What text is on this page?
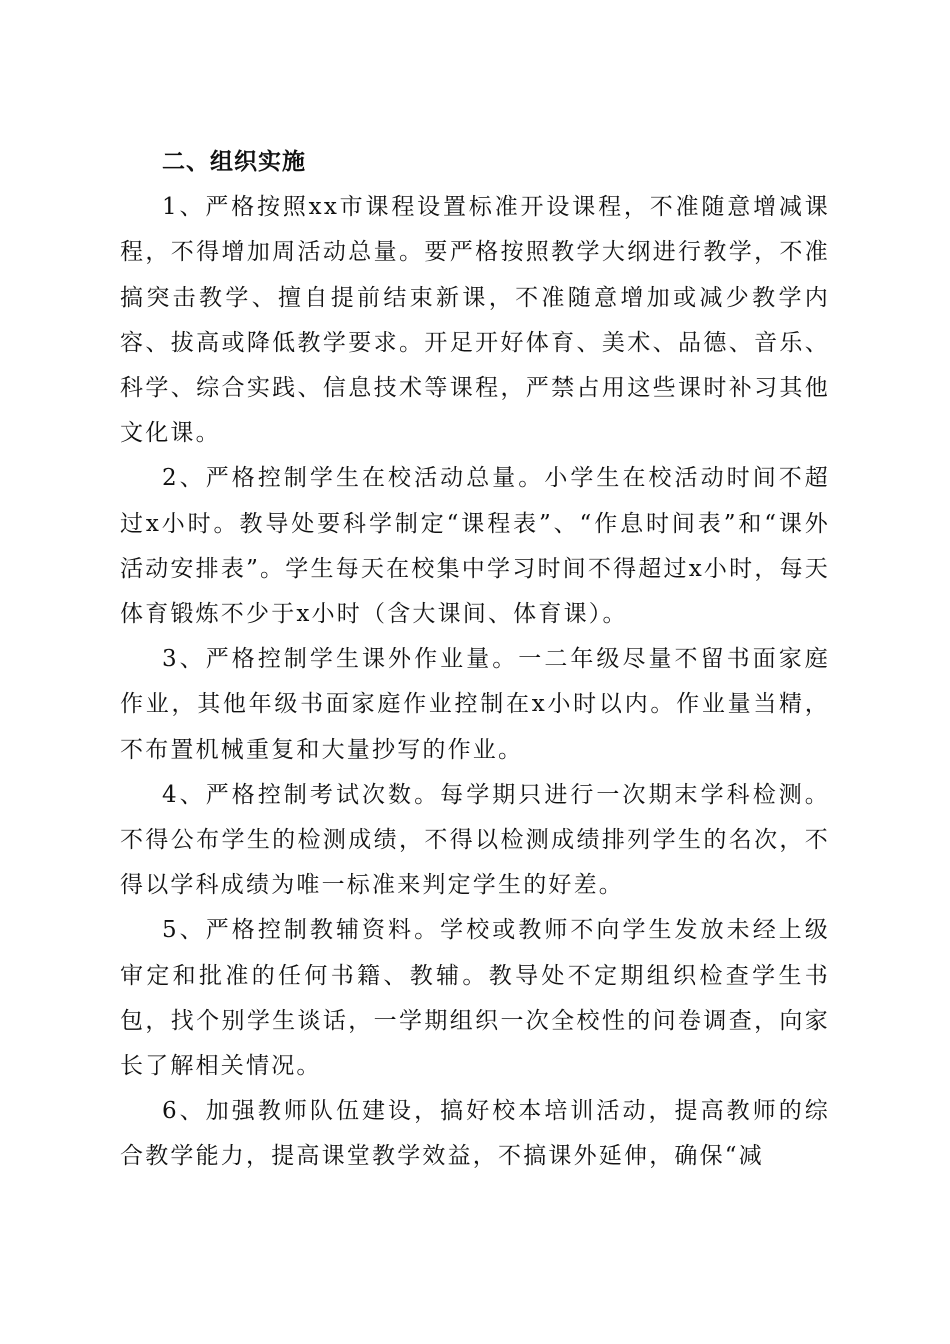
二、组织实施

1、严格按照xx市课程设置标准开设课程，不准随意增减课程，不得增加周活动总量。要严格按照教学大纲进行教学，不准搞突击教学、擅自提前结束新课，不准随意增加或减少教学内容、拔高或降低教学要求。开足开好体育、美术、品德、音乐、科学、综合实践、信息技术等课程，严禁占用这些课时补习其他文化课。

2、严格控制学生在校活动总量。小学生在校活动时间不超过x小时。教导处要科学制定“课程表”、“作息时间表”和“课外活动安排表”。学生每天在校集中学习时间不得超过x小时，每天体育锻炼不少于x小时（含大课间、体育课）。

3、严格控制学生课外作业量。一二年级尽量不留书面家庭作业，其他年级书面家庭作业控制在x小时以内。作业量当精，不布置机械重复和大量抄写的作业。

4、严格控制考试次数。每学期只进行一次期末学科检测。不得公布学生的检测成绩，不得以检测成绩排列学生的名次，不得以学科成绩为唯一标准来判定学生的好差。

5、严格控制教辅资料。学校或教师不向学生发放未经上级审定和批准的任何书籍、教辅。教导处不定期组织检查学生书包，找个别学生谈话，一学期组织一次全校性的问卷调查，向家长了解相关情况。

6、加强教师队伍建设，搞好校本培训活动，提高教师的综合教学能力，提高课堂教学效益，不搞课外延伸，确保“减
